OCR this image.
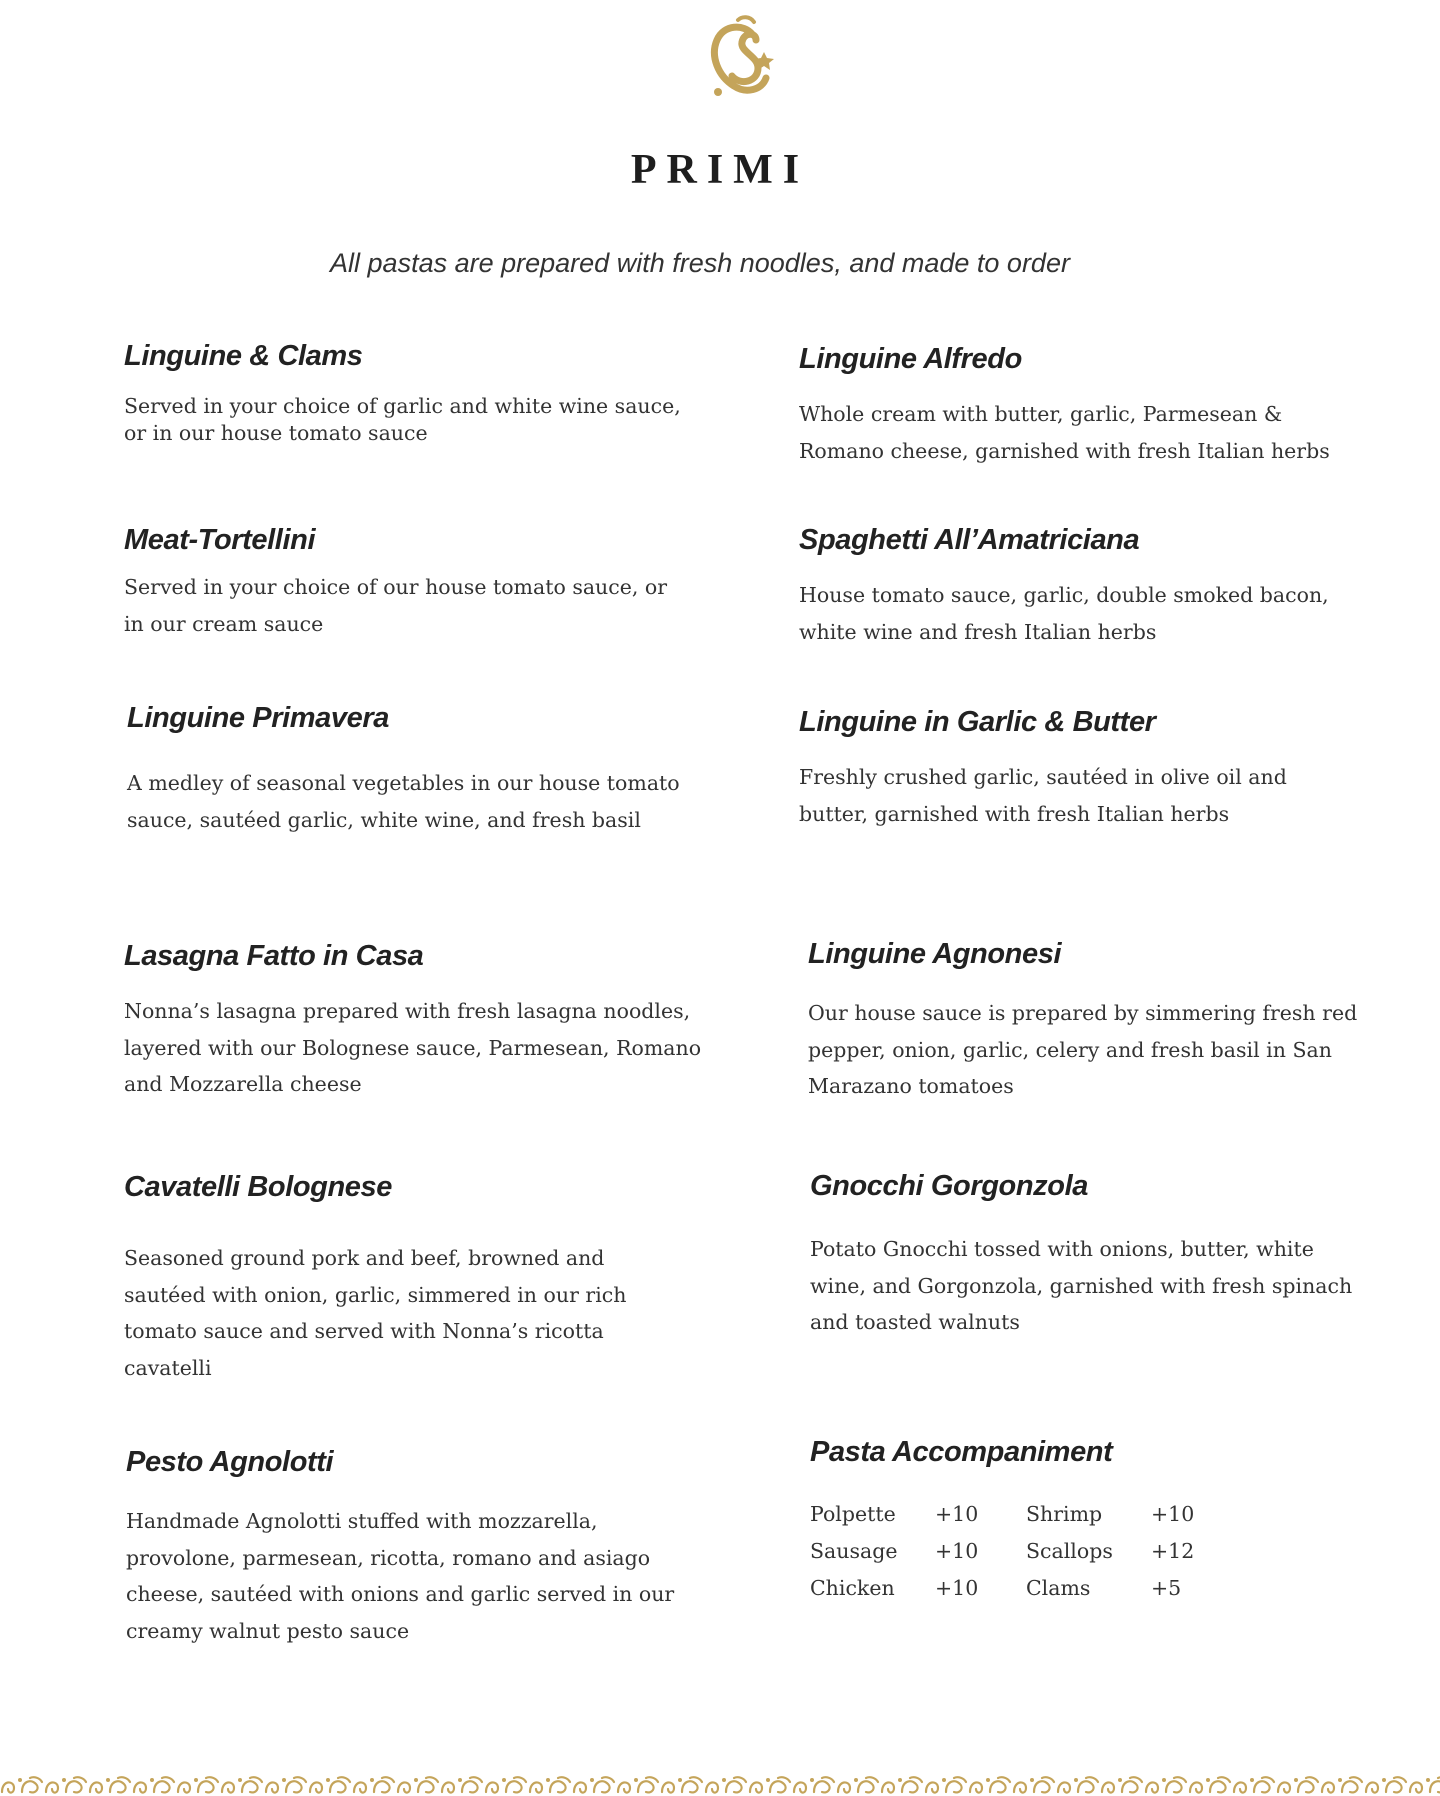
PRIMI
All pastas are prepared with fresh noodles, and made to order
Linguine & Clams

Served in your choice of garlic and white wine sauce, or in our house tomato sauce

Meat-Tortellini

Served in your choice of our house tomato sauce, or in our cream sauce

Linguine Primavera

A medley of seasonal vegetables in our house tomato sauce, sautéed garlic, white wine, and fresh basil

Lasagna Fatto in Casa

Nonna’s lasagna prepared with fresh lasagna noodles, layered with our Bolognese sauce, Parmesean, Romano and Mozzarella cheese

Cavatelli Bolognese

Seasoned ground pork and beef, browned and sautéed with onion, garlic, simmered in our rich tomato sauce and served with Nonna’s ricotta cavatelli

Pesto Agnolotti

Handmade Agnolotti stuffed with mozzarella, provolone, parmesean, ricotta, romano and asiago cheese, sautéed with onions and garlic served in our creamy walnut pesto sauce

Linguine Alfredo

Whole cream with butter, garlic, Parmesean & Romano cheese, garnished with fresh Italian herbs

Spaghetti All’Amatriciana

House tomato sauce, garlic, double smoked bacon, white wine and fresh Italian herbs

Linguine in Garlic & Butter

Freshly crushed garlic, sautéed in olive oil and butter, garnished with fresh Italian herbs

Linguine Agnonesi

Our house sauce is prepared by simmering fresh red pepper, onion, garlic, celery and fresh basil in San Marazano tomatoes

Gnocchi Gorgonzola

Potato Gnocchi tossed with onions, butter, white wine, and Gorgonzola, garnished with fresh spinach and toasted walnuts

Pasta Accompaniment
Polpette +10
Sausage +10
Chicken +10
Shrimp +10
Scallops +12
Clams	+5
